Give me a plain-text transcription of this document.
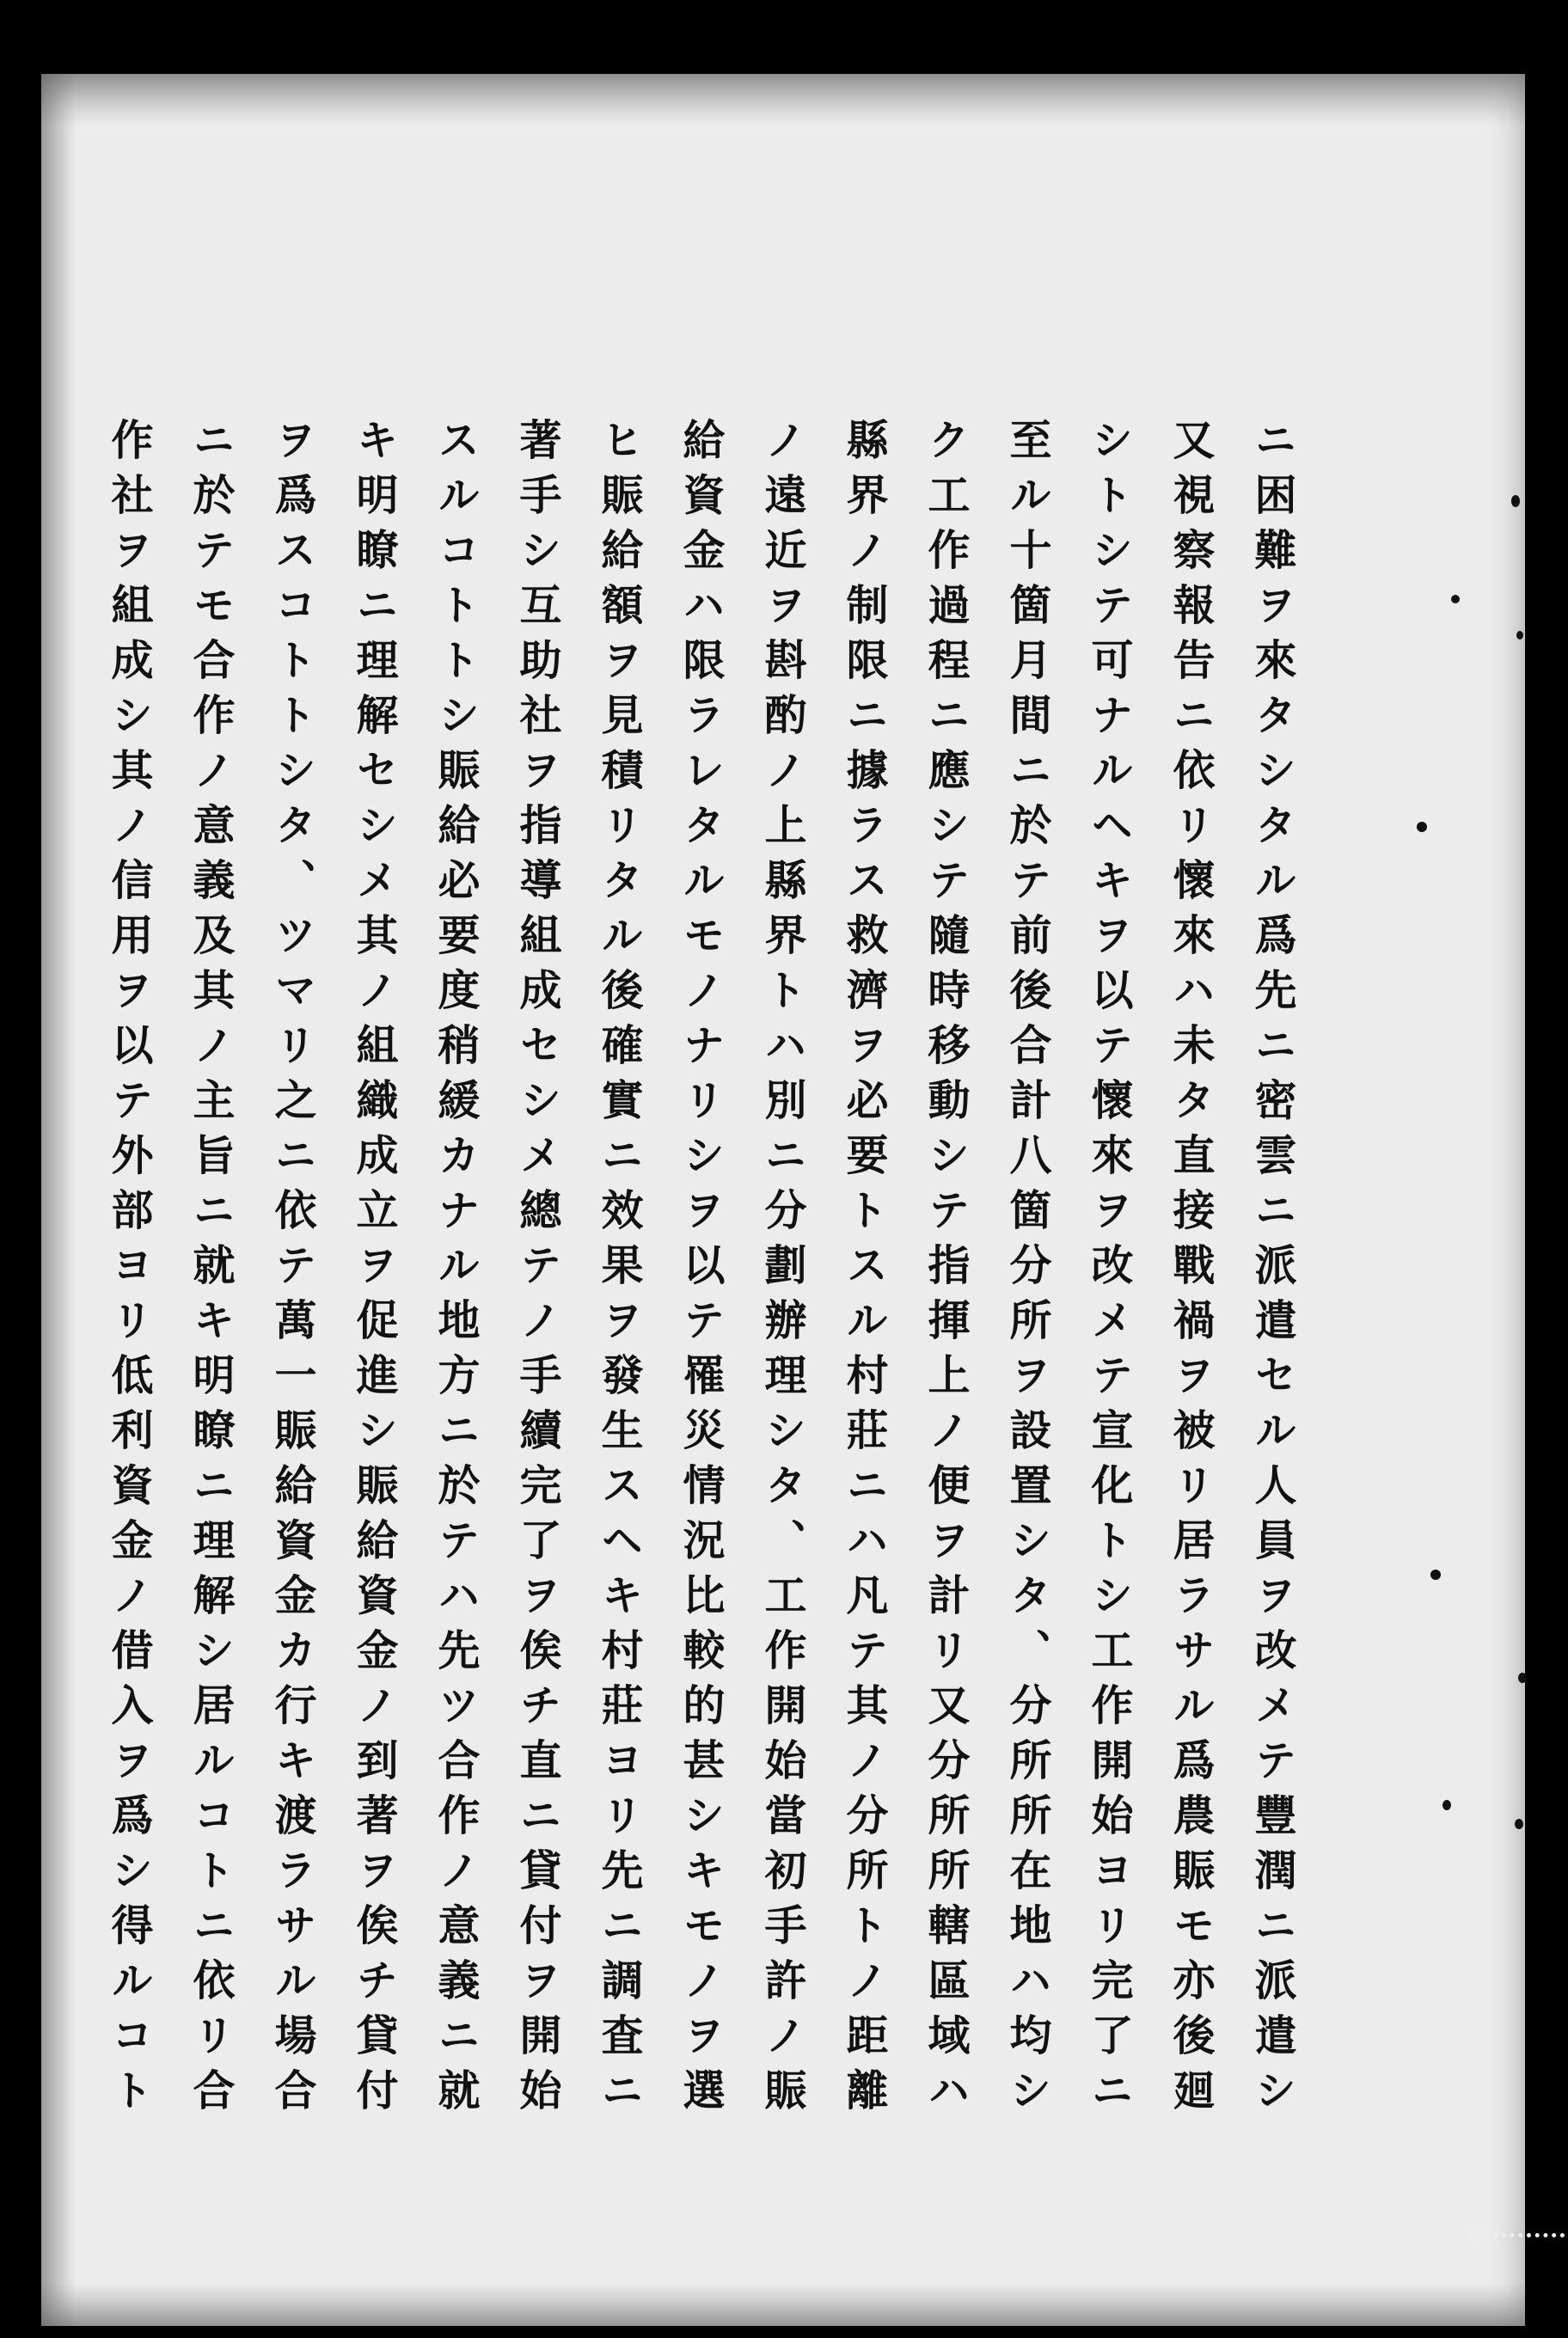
ニ困難ヲ來タシタル爲先ニ密雲ニ派遣セル人員ヲ改メテ豐潤ニ派遣シ
又視察報告ニ依リ懷來ハ未タ直接戰禍ヲ被リ居ラサル爲農賑モ亦後廻
シトシテ可ナルヘキヲ以テ懷來ヲ改メテ宣化トシ工作開始ヨリ完了ニ
至ル十箇月間ニ於テ前後合計八箇分所ヲ設置シタ、分所所在地ハ均シ
ク工作過程ニ應シテ隨時移動シテ指揮上ノ便ヲ計リ又分所所轄區域ハ
縣界ノ制限ニ據ラス救濟ヲ必要トスル村莊ニハ凡テ其ノ分所トノ距離
ノ遠近ヲ斟酌ノ上縣界トハ別ニ分劃辦理シタ、工作開始當初手許ノ賑
給資金ハ限ラレタルモノナリシヲ以テ罹災情況比較的甚シキモノヲ選
ヒ賑給額ヲ見積リタル後確實ニ效果ヲ發生スヘキ村莊ヨリ先ニ調査ニ
著手シ互助社ヲ指導組成セシメ總テノ手續完了ヲ俟チ直ニ貸付ヲ開始
スルコトトシ賑給必要度稍緩カナル地方ニ於テハ先ツ合作ノ意義ニ就
キ明瞭ニ理解セシメ其ノ組織成立ヲ促進シ賑給資金ノ到著ヲ俟チ貸付
ヲ爲スコトトシタ、ツマリ之ニ依テ萬一賑給資金カ行キ渡ラサル場合
ニ於テモ合作ノ意義及其ノ主旨ニ就キ明瞭ニ理解シ居ルコトニ依リ合
作社ヲ組成シ其ノ信用ヲ以テ外部ヨリ低利資金ノ借入ヲ爲シ得ルコト
